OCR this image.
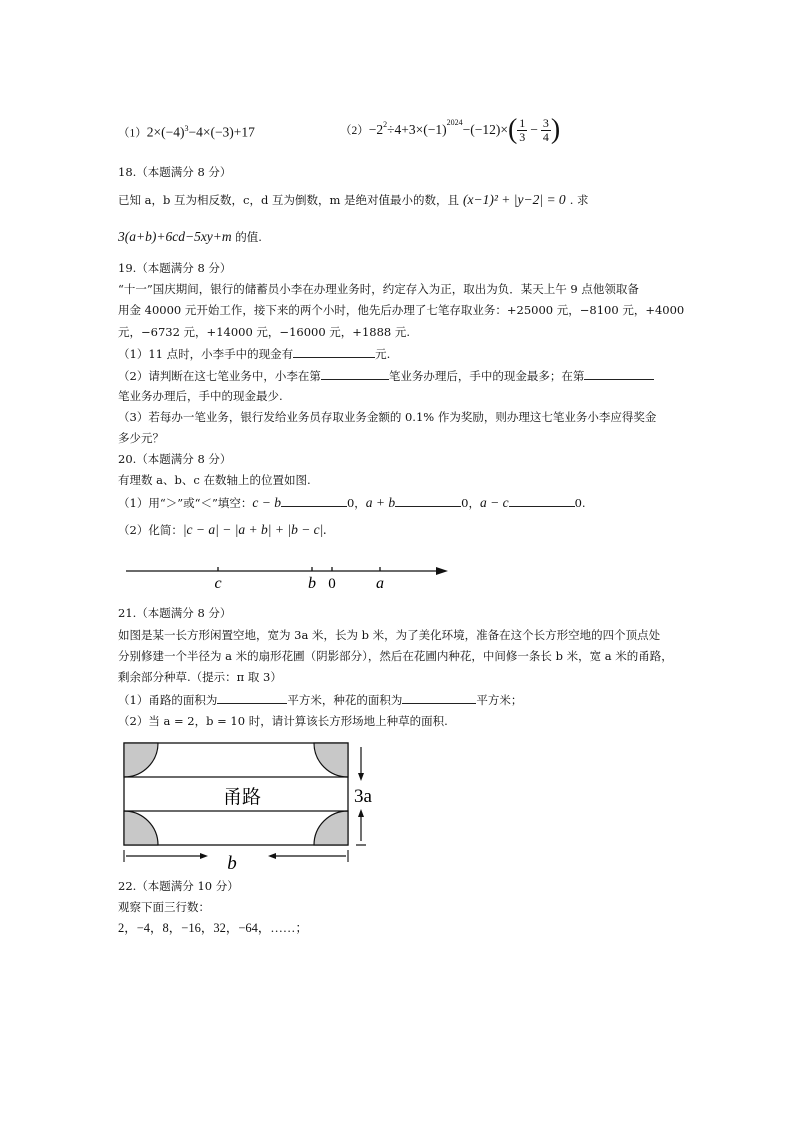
$(1)2\times(-4)^3-4\times(-3)+17$	$(2) -2^2 \div 4+3\times(-1)^{2024} -(-12)\times$ ( $\frac{1}{3} - \frac{3}{4}$ )
18.（本题满分 8 分）
已知 a，b 互为相反数，c，d 互为倒数，m 是绝对值最小的数，且 (x−1)² + |y−2| = 0 . 求
3(a+b)+6cd−5xy+m 的值.
19.（本题满分 8 分）
“十一”国庆期间，银行的储蓄员小李在办理业务时，约定存入为正，取出为负．某天上午 9 点他领取备
用金 40000 元开始工作，接下来的两个小时，他先后办理了七笔存取业务：+25000 元，−8100 元，+4000
元，−6732 元，+14000 元，−16000 元，+1888 元.
（1）11 点时，小李手中的现金有	元.
（2）请判断在这七笔业务中，小李在第	笔业务办理后，手中的现金最多；在第
笔业务办理后，手中的现金最少.
（3）若每办一笔业务，银行发给业务员存取业务金额的 0.1% 作为奖励，则办理这七笔业务小李应得奖金
多少元？
20.（本题满分 8 分）
有理数 a、b、c 在数轴上的位置如图.
（1）用“＞”或“＜”填空：c − b	0，a + b	0，a − c	0.
（2）化简：|c − a| − |a + b| + |b − c|.
c	b 0	a
21.（本题满分 8 分）
如图是某一长方形闲置空地，宽为 3a 米，长为 b 米，为了美化环境，准备在这个长方形空地的四个顶点处
分别修建一个半径为 a 米的扇形花圃（阴影部分），然后在花圃内种花，中间修一条长 b 米，宽 a 米的甬路，
剩余部分种草.（提示：π 取 3）
（1）甬路的面积为	平方米，种花的面积为	平方米；
（2）当 a = 2，b = 10 时，请计算该长方形场地上种草的面积.
甬路	3a
b
22.（本题满分 10 分）
观察下面三行数：
2，−4，8，−16，32，−64，……；
